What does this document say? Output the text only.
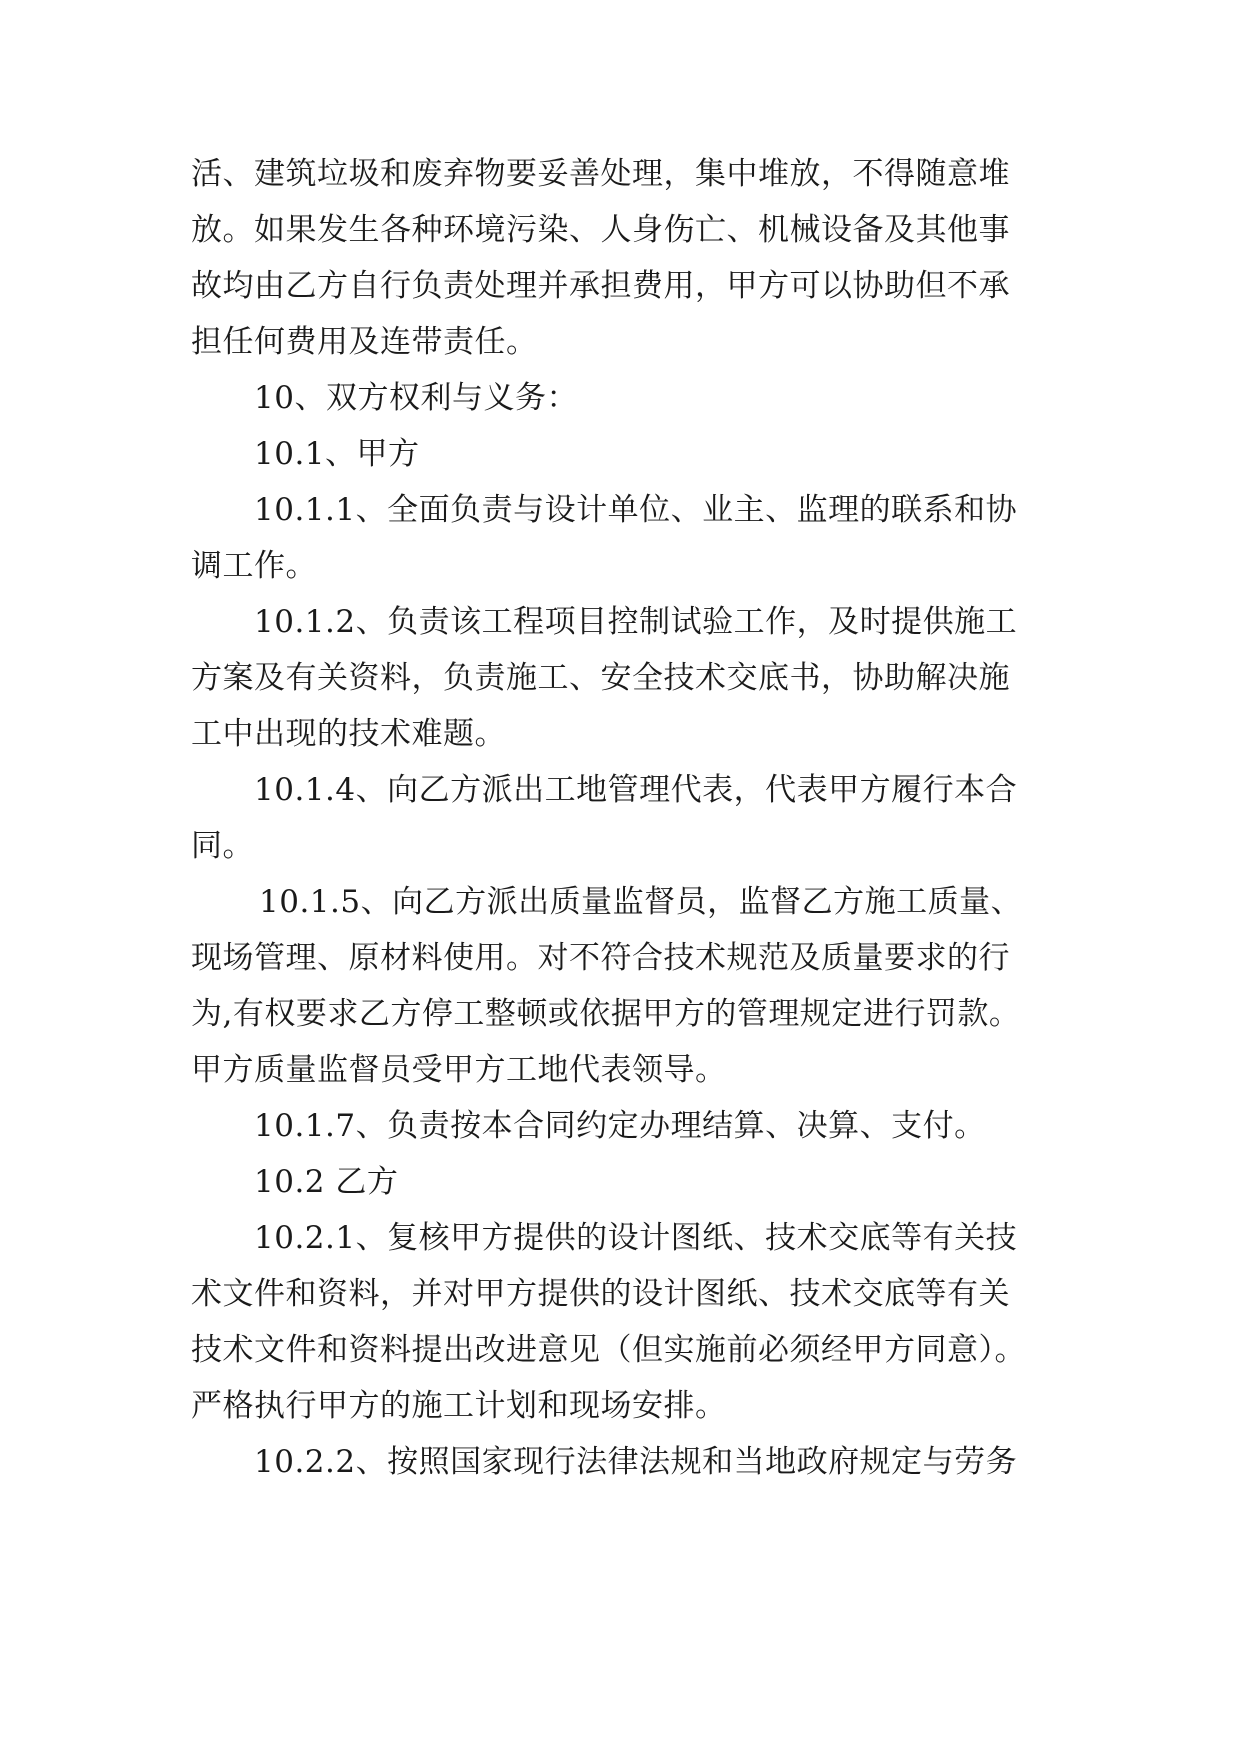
活、建筑垃圾和废弃物要妥善处理，集中堆放，不得随意堆
放。如果发生各种环境污染、人身伤亡、机械设备及其他事
故均由乙方自行负责处理并承担费用，甲方可以协助但不承
担任何费用及连带责任。
10、双方权利与义务：
10.1、甲方
10.1.1、全面负责与设计单位、业主、监理的联系和协
调工作。
10.1.2、负责该工程项目控制试验工作，及时提供施工
方案及有关资料，负责施工、安全技术交底书，协助解决施
工中出现的技术难题。
10.1.4、向乙方派出工地管理代表，代表甲方履行本合
同。
10.1.5、向乙方派出质量监督员，监督乙方施工质量、
现场管理、原材料使用。对不符合技术规范及质量要求的行
为,有权要求乙方停工整顿或依据甲方的管理规定进行罚款。
甲方质量监督员受甲方工地代表领导。
10.1.7、负责按本合同约定办理结算、决算、支付。
10.2 乙方
10.2.1、复核甲方提供的设计图纸、技术交底等有关技
术文件和资料，并对甲方提供的设计图纸、技术交底等有关
技术文件和资料提出改进意见（但实施前必须经甲方同意）。
严格执行甲方的施工计划和现场安排。
10.2.2、按照国家现行法律法规和当地政府规定与劳务
